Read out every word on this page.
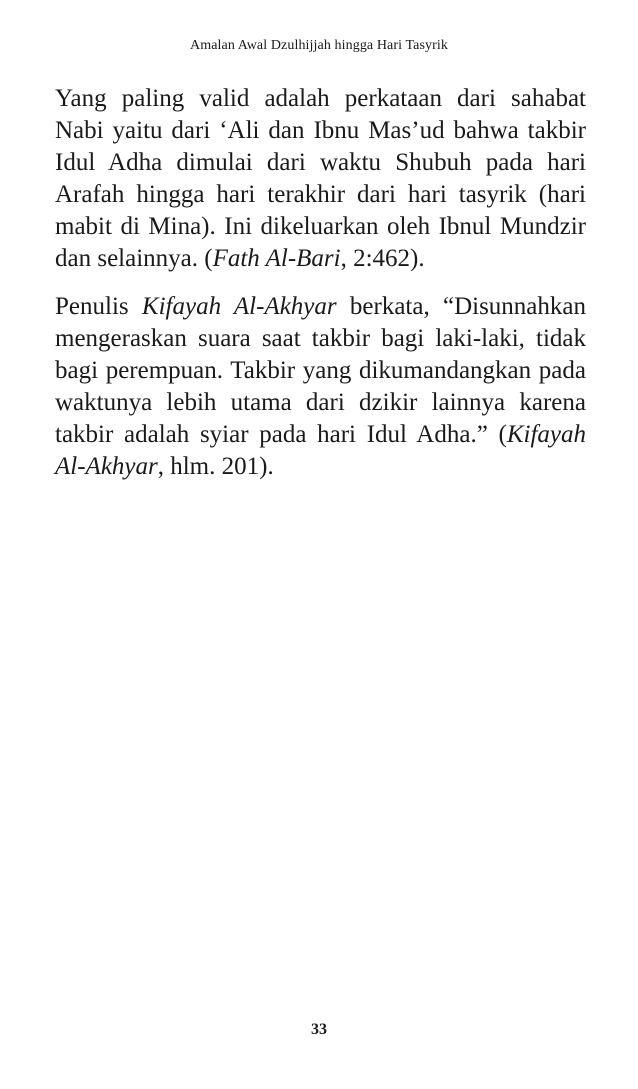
Amalan Awal Dzulhijjah hingga Hari Tasyrik

Yang paling valid adalah perkataan dari sahabat Nabi yaitu dari ‘Ali dan Ibnu Mas’ud bahwa takbir Idul Adha dimulai dari waktu Shubuh pada hari Arafah hingga hari terakhir dari hari tasyrik (hari mabit di Mina). Ini dikeluarkan oleh Ibnul Mundzir dan selainnya. (Fath Al-Bari, 2:462).

Penulis Kifayah Al-Akhyar berkata, “Disunnahkan mengeraskan suara saat takbir bagi laki-laki, tidak bagi perempuan. Takbir yang dikumandangkan pada waktunya lebih utama dari dzikir lainnya karena takbir adalah syiar pada hari Idul Adha.” (Kifayah Al-Akhyar, hlm. 201).

33
